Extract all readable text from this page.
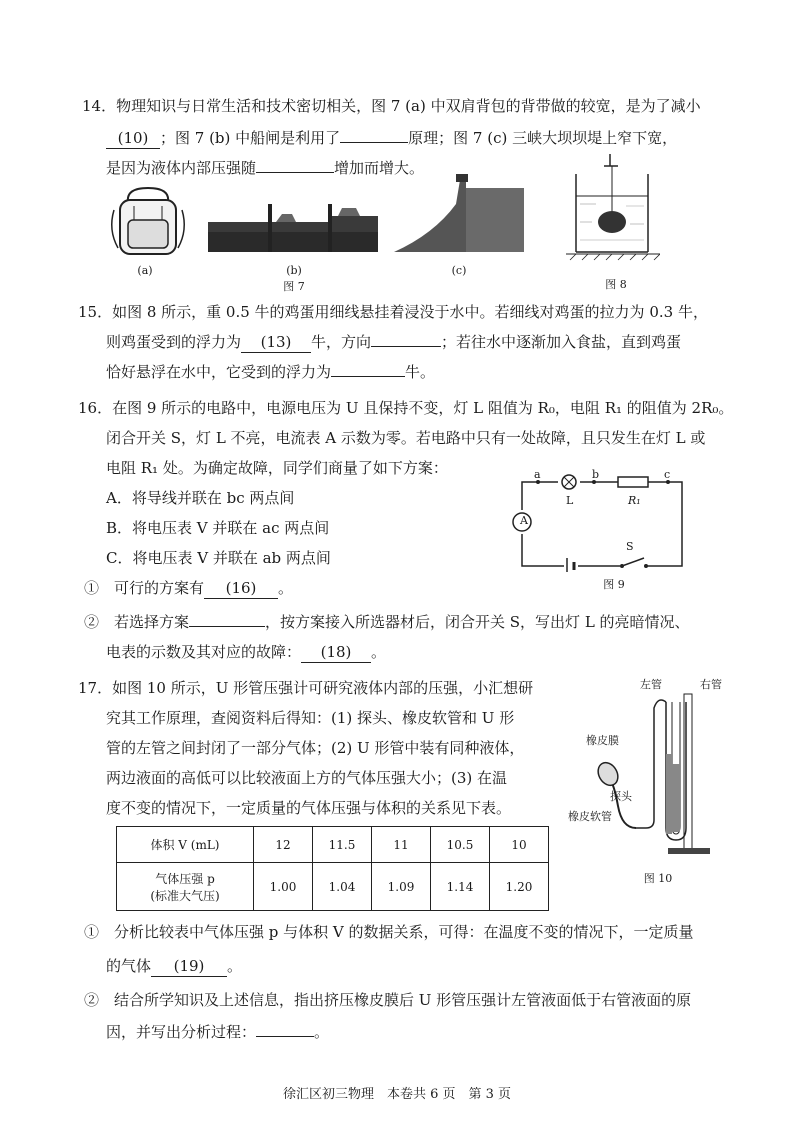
14．物理知识与日常生活和技术密切相关，图 7 (a) 中双肩背包的背带做的较宽，是为了减小
(10) ；图 7 (b) 中船闸是利用了	原理；图 7 (c) 三峡大坝坝堤上窄下宽，
是因为液体内部压强随	增加而增大。
(a)	(b)
图 7
(c)
图 8
15．如图 8 所示，重 0.5 牛的鸡蛋用细线悬挂着浸没于水中。若细线对鸡蛋的拉力为 0.3 牛，
则鸡蛋受到的浮力为 (13) 牛，方向	；若往水中逐渐加入食盐，直到鸡蛋
恰好悬浮在水中，它受到的浮力为	牛。
16．在图 9 所示的电路中，电源电压为 U 且保持不变，灯 L 阻值为 R₀，电阻 R₁ 的阻值为 2R₀。
闭合开关 S，灯 L 不亮，电流表 A 示数为零。若电路中只有一处故障，且只发生在灯 L 或
电阻 R₁ 处。为确定故障，同学们商量了如下方案：
A．将导线并联在 bc 两点间
B．将电压表 V 并联在 ac 两点间
C．将电压表 V 并联在 ab 两点间
①　可行的方案有 (16) 。
②　若选择方案	，按方案接入所选器材后，闭合开关 S，写出灯 L 的亮暗情况、
电表的示数及其对应的故障： (18) 。
a	b	c
L	R₁
A
S
图 9
17．如图 10 所示，U 形管压强计可研究液体内部的压强，小汇想研
究其工作原理，查阅资料后得知：(1) 探头、橡皮软管和 U 形
管的左管之间封闭了一部分气体；(2) U 形管中装有同种液体，
两边液面的高低可以比较液面上方的气体压强大小；(3) 在温
度不变的情况下，一定质量的气体压强与体积的关系见下表。
体积 V (mL)	12	11.5	11	10.5	10

气体压强 p
(标准大气压)	1.00	1.04	1.09	1.14	1.20
左管	右管
橡皮膜
探头
橡皮软管
图 10
①　分析比较表中气体压强 p 与体积 V 的数据关系，可得：在温度不变的情况下，一定质量
的气体 (19) 。
②　结合所学知识及上述信息，指出挤压橡皮膜后 U 形管压强计左管液面低于右管液面的原
因，并写出分析过程：	。
徐汇区初三物理　本卷共 6 页　第 3 页
